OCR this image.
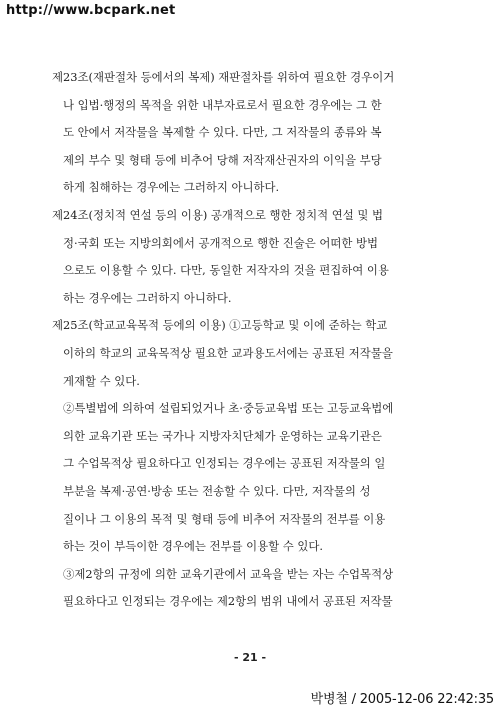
http://www.bcpark.net
제23조(재판절차 등에서의 복제) 재판절차를 위하여 필요한 경우이거
나 입법·행정의 목적을 위한 내부자료로서 필요한 경우에는 그 한
도 안에서 저작물을 복제할 수 있다. 다만, 그 저작물의 종류와 복
제의 부수 및 형태 등에 비추어 당해 저작재산권자의 이익을 부당
하게 침해하는 경우에는 그러하지 아니하다.
제24조(정치적 연설 등의 이용) 공개적으로 행한 정치적 연설 및 법
정·국회 또는 지방의회에서 공개적으로 행한 진술은 어떠한 방법
으로도 이용할 수 있다. 다만, 동일한 저작자의 것을 편집하여 이용
하는 경우에는 그러하지 아니하다.
제25조(학교교육목적 등에의 이용) ①고등학교 및 이에 준하는 학교
이하의 학교의 교육목적상 필요한 교과용도서에는 공표된 저작물을
게재할 수 있다.
②특별법에 의하여 설립되었거나 초·중등교육법 또는 고등교육법에
의한 교육기관 또는 국가나 지방자치단체가 운영하는 교육기관은
그 수업목적상 필요하다고 인정되는 경우에는 공표된 저작물의 일
부분을 복제·공연·방송 또는 전송할 수 있다. 다만, 저작물의 성
질이나 그 이용의 목적 및 형태 등에 비추어 저작물의 전부를 이용
하는 것이 부득이한 경우에는 전부를 이용할 수 있다.
③제2항의 규정에 의한 교육기관에서 교육을 받는 자는 수업목적상
필요하다고 인정되는 경우에는 제2항의 범위 내에서 공표된 저작물
- 21 -
박병철 / 2005-12-06 22:42:35
